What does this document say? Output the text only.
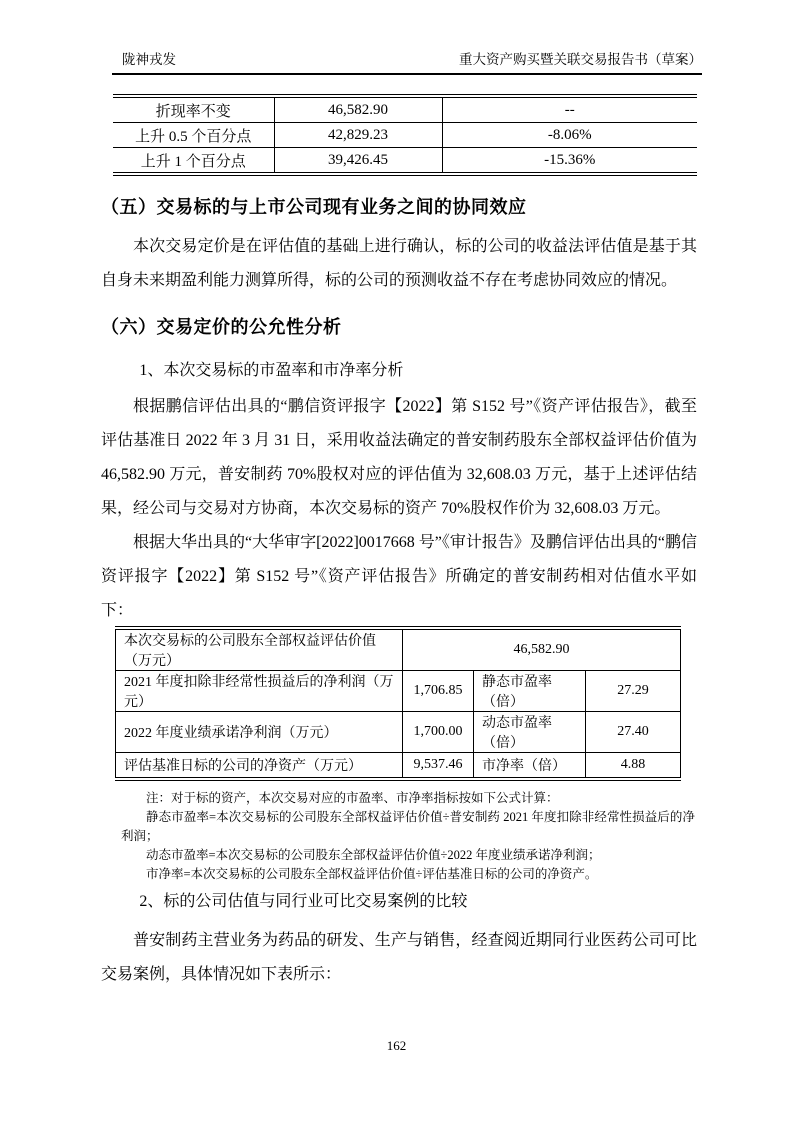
陇神戎发	重大资产购买暨关联交易报告书（草案）
折现率不变	46,582.90	--
上升 0.5 个百分点	42,829.23	-8.06%
上升 1 个百分点	39,426.45	-15.36%
（五）交易标的与上市公司现有业务之间的协同效应

本次交易定价是在评估值的基础上进行确认，标的公司的收益法评估值是基于其自身未来期盈利能力测算所得，标的公司的预测收益不存在考虑协同效应的情况。

（六）交易定价的公允性分析

1、本次交易标的市盈率和市净率分析

根据鹏信评估出具的“鹏信资评报字【2022】第 S152 号”《资产评估报告》，截至评估基准日 2022 年 3 月 31 日，采用收益法确定的普安制药股东全部权益评估价值为 46,582.90 万元，普安制药 70%股权对应的评估值为 32,608.03 万元，基于上述评估结果，经公司与交易对方协商，本次交易标的资产 70%股权作价为 32,608.03 万元。

根据大华出具的“大华审字[2022]0017668 号”《审计报告》及鹏信评估出具的“鹏信资评报字【2022】第 S152 号”《资产评估报告》所确定的普安制药相对估值水平如下：

本次交易标的公司股东全部权益评估价值（万元）	46,582.90		
2021 年度扣除非经常性损益后的净利润（万元）	1,706.85	静态市盈率（倍）	27.29
2022 年度业绩承诺净利润（万元）	1,700.00	动态市盈率（倍）	27.40
评估基准日标的公司的净资产（万元）	9,537.46	市净率（倍）	4.88

注：对于标的资产，本次交易对应的市盈率、市净率指标按如下公式计算：

静态市盈率=本次交易标的公司股东全部权益评估价值÷普安制药 2021 年度扣除非经常性损益后的净利润；

动态市盈率=本次交易标的公司股东全部权益评估价值÷2022 年度业绩承诺净利润；

市净率=本次交易标的公司股东全部权益评估价值÷评估基准日标的公司的净资产。

2、标的公司估值与同行业可比交易案例的比较

普安制药主营业务为药品的研发、生产与销售，经查阅近期同行业医药公司可比交易案例，具体情况如下表所示：

162
